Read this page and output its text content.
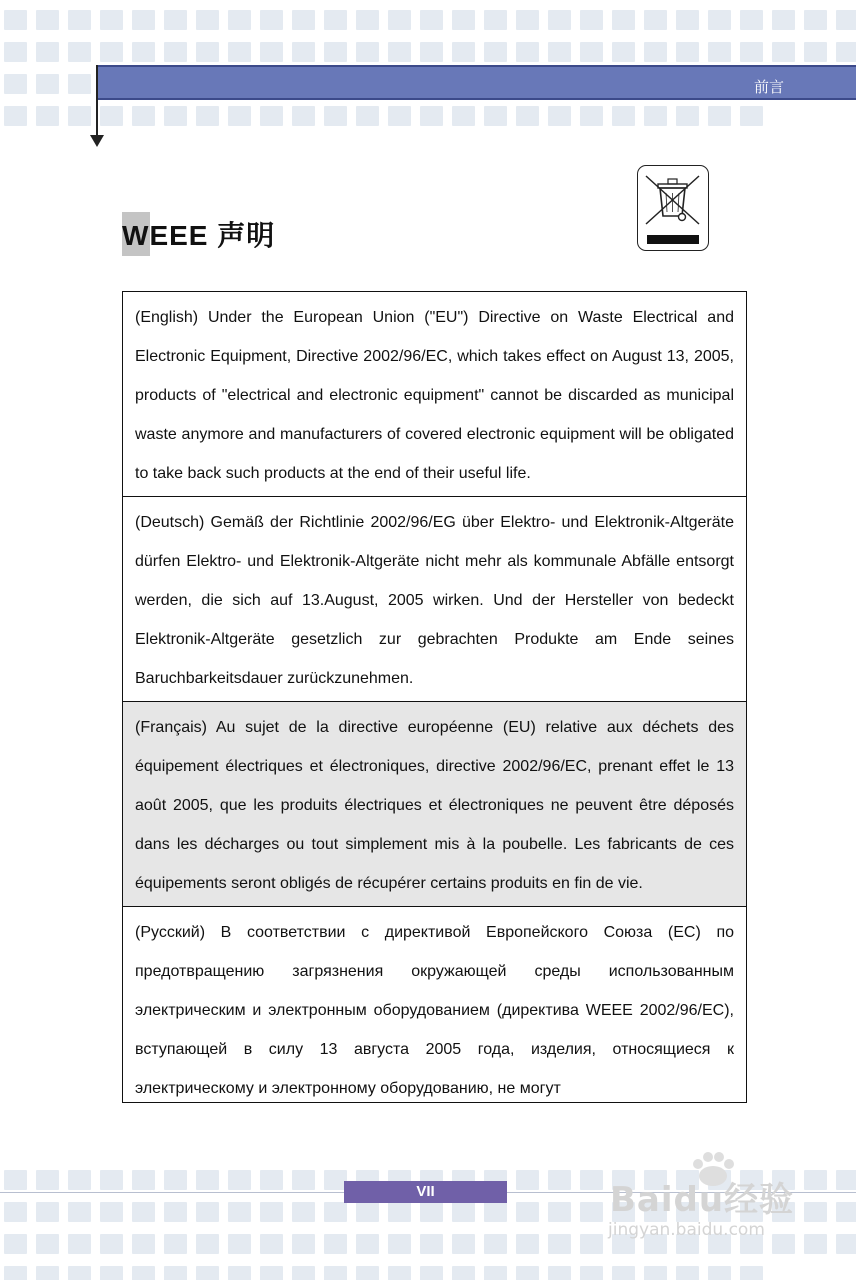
前言
WEEE 声明
(English) Under the European Union ("EU") Directive on Waste Electrical and Electronic Equipment, Directive 2002/96/EC, which takes effect on August 13, 2005, products of "electrical and electronic equipment" cannot be discarded as municipal waste anymore and manufacturers of covered electronic equipment will be obligated to take back such products at the end of their useful life.
(Deutsch) Gemäß der Richtlinie 2002/96/EG über Elektro- und Elektronik-Altgeräte dürfen Elektro- und Elektronik-Altgeräte nicht mehr als kommunale Abfälle entsorgt werden, die sich auf 13.August, 2005 wirken. Und der Hersteller von bedeckt Elektronik-Altgeräte gesetzlich zur gebrachten Produkte am Ende seines Baruchbarkeitsdauer zurückzunehmen.
(Français) Au sujet de la directive européenne (EU) relative aux déchets des équipement électriques et électroniques, directive 2002/96/EC, prenant effet le 13 août 2005, que les produits électriques et électroniques ne peuvent être déposés dans les décharges ou tout simplement mis à la poubelle. Les fabricants de ces équipements seront obligés de récupérer certains produits en fin de vie.
(Русский) В соответствии с директивой Европейского Союза (ЕС) по предотвращению загрязнения окружающей среды использованным электрическим и электронным оборудованием (директива WEEE 2002/96/EC), вступающей в силу 13 августа 2005 года, изделия, относящиеся к электрическому и электронному оборудованию, не могут
VII	Baidu经验
jingyan.baidu.com
